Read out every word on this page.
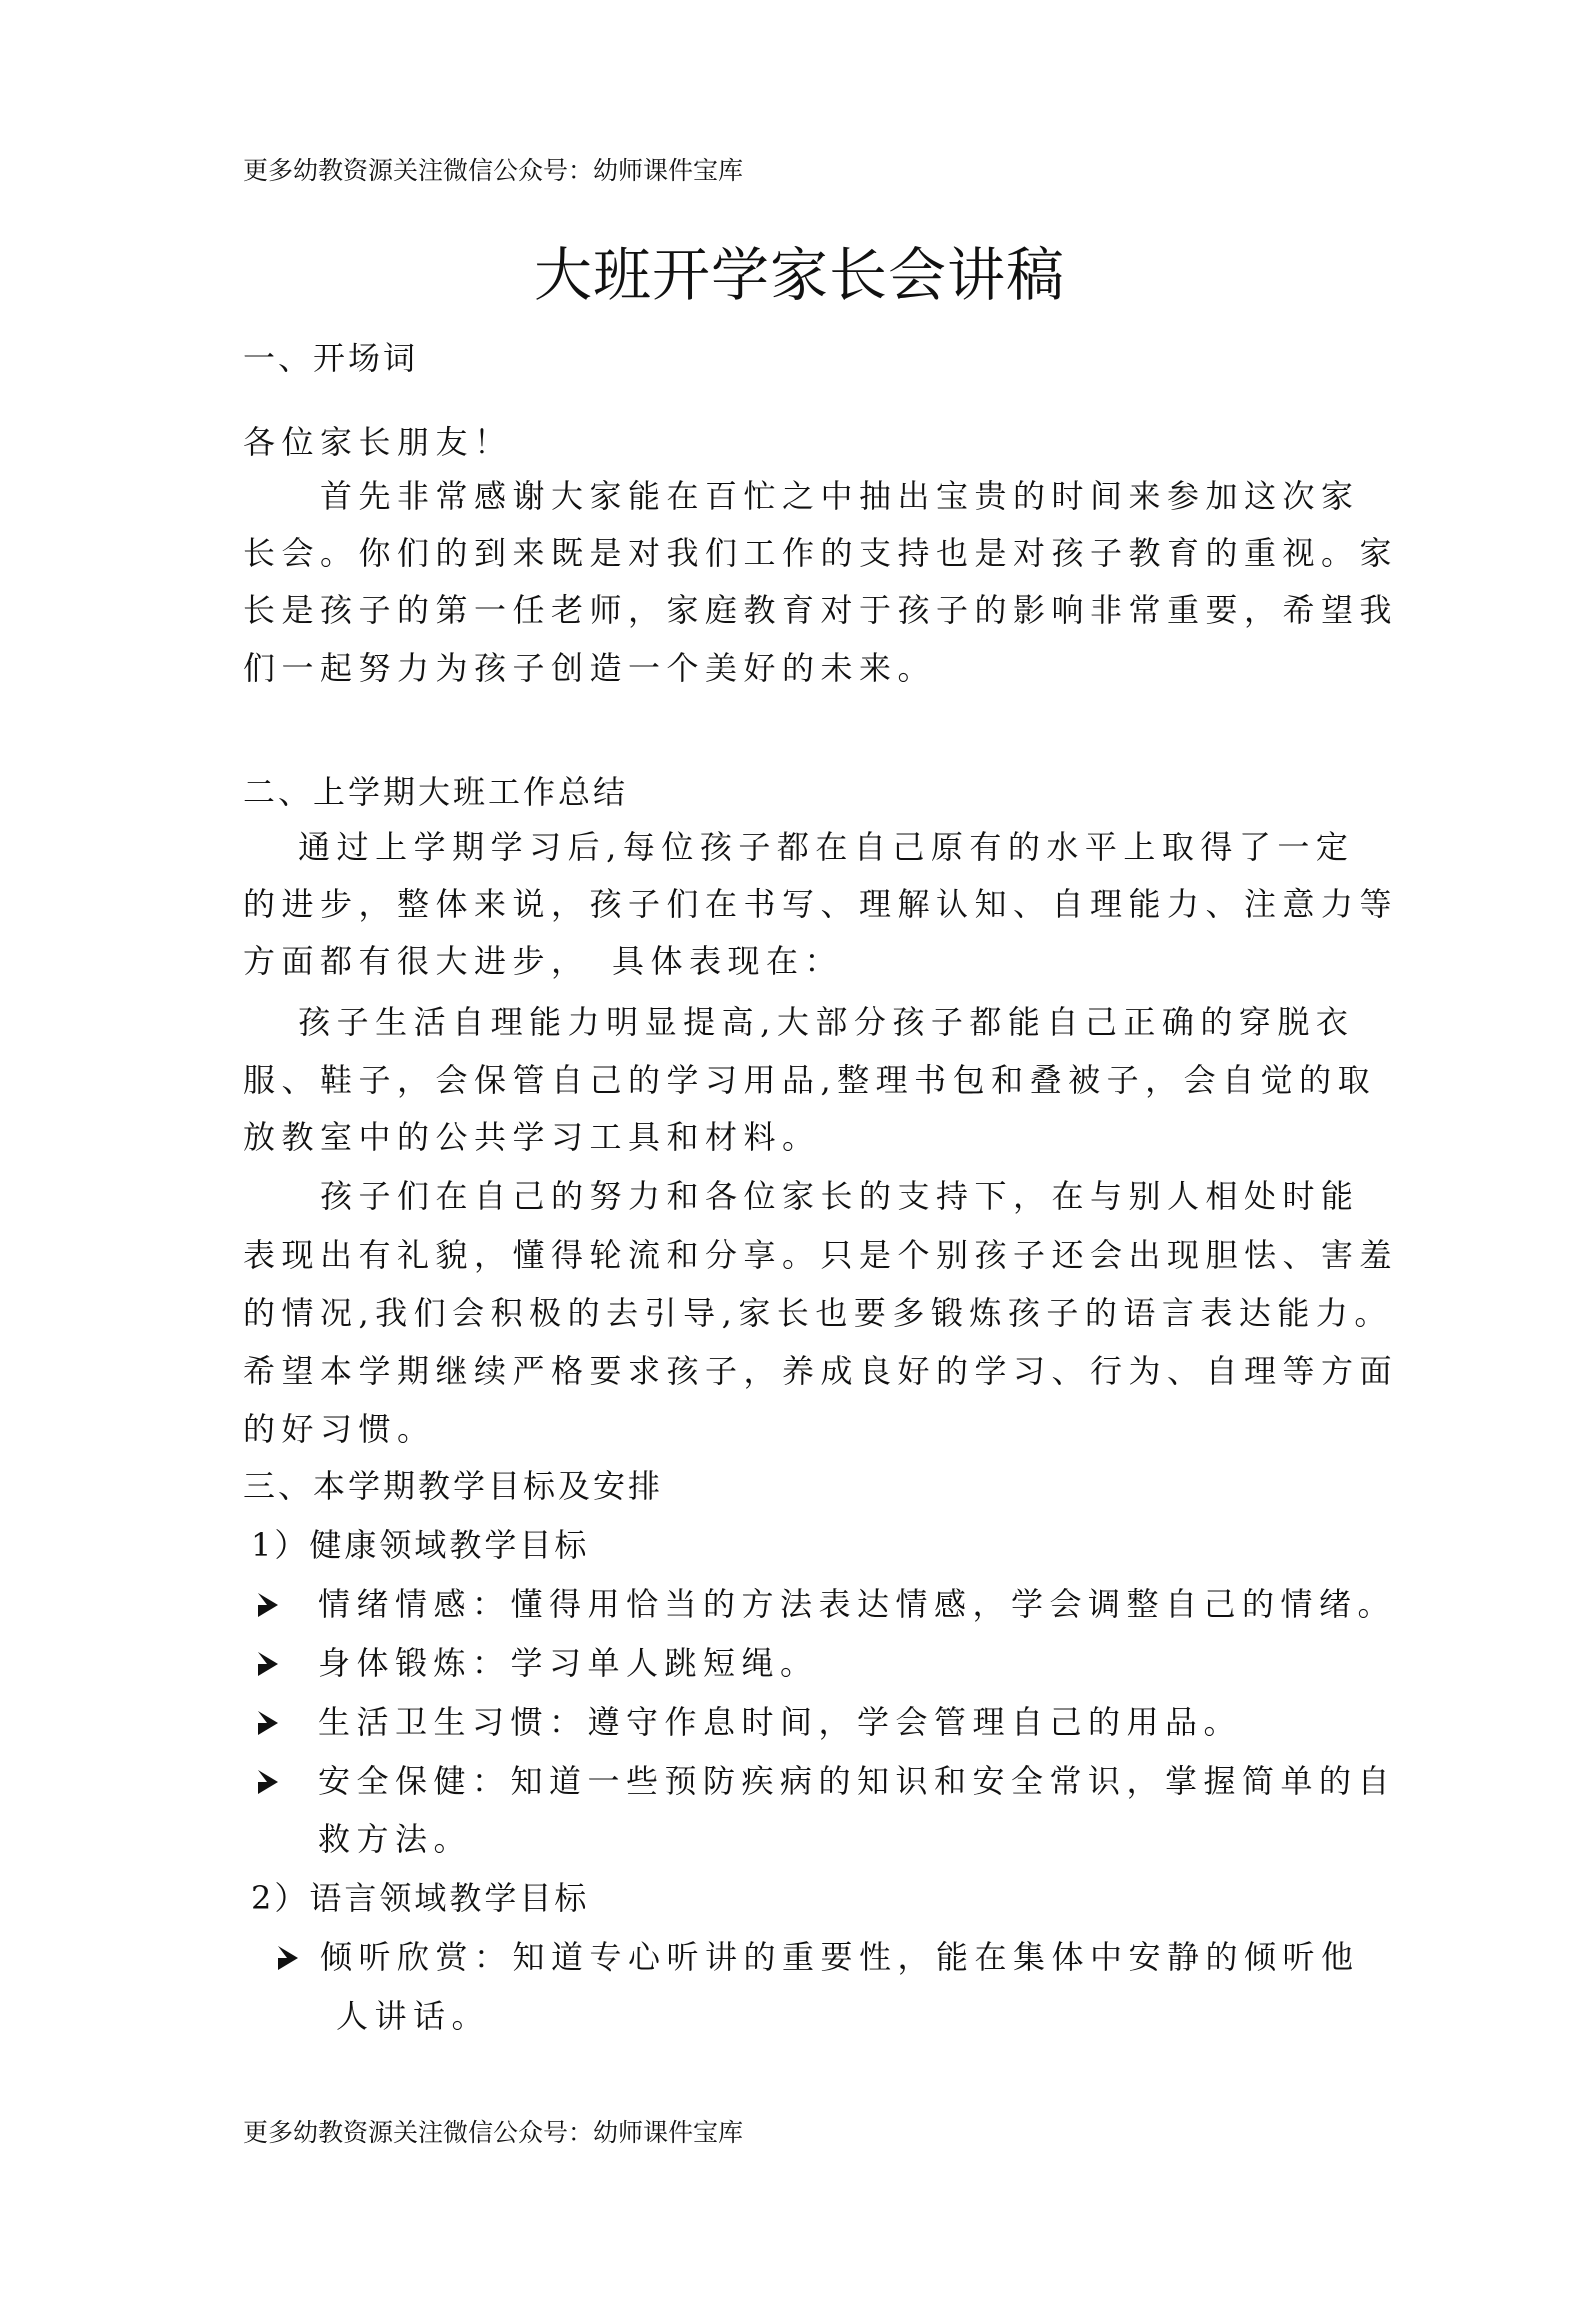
更多幼教资源关注微信公众号：幼师课件宝库
大班开学家长会讲稿
一、开场词
各位家长朋友！
　　首先非常感谢大家能在百忙之中抽出宝贵的时间来参加这次家
长会。你们的到来既是对我们工作的支持也是对孩子教育的重视。家
长是孩子的第一任老师，家庭教育对于孩子的影响非常重要，希望我
们一起努力为孩子创造一个美好的未来。
二、上学期大班工作总结
　 通过上学期学习后,每位孩子都在自己原有的水平上取得了一定
的进步，整体来说，孩子们在书写、理解认知、自理能力、注意力等
方面都有很大进步，　具体表现在：
　 孩子生活自理能力明显提高,大部分孩子都能自己正确的穿脱衣
服、鞋子，会保管自己的学习用品,整理书包和叠被子，会自觉的取
放教室中的公共学习工具和材料。
　　孩子们在自己的努力和各位家长的支持下，在与别人相处时能
表现出有礼貌，懂得轮流和分享。只是个别孩子还会出现胆怯、害羞
的情况,我们会积极的去引导,家长也要多锻炼孩子的语言表达能力。
希望本学期继续严格要求孩子，养成良好的学习、行为、自理等方面
的好习惯。
三、本学期教学目标及安排
1）健康领域教学目标
情绪情感：懂得用恰当的方法表达情感，学会调整自己的情绪。
身体锻炼：学习单人跳短绳。
生活卫生习惯：遵守作息时间，学会管理自己的用品。
安全保健：知道一些预防疾病的知识和安全常识，掌握简单的自
救方法。
2）语言领域教学目标
倾听欣赏：知道专心听讲的重要性，能在集体中安静的倾听他
人讲话。
更多幼教资源关注微信公众号：幼师课件宝库
